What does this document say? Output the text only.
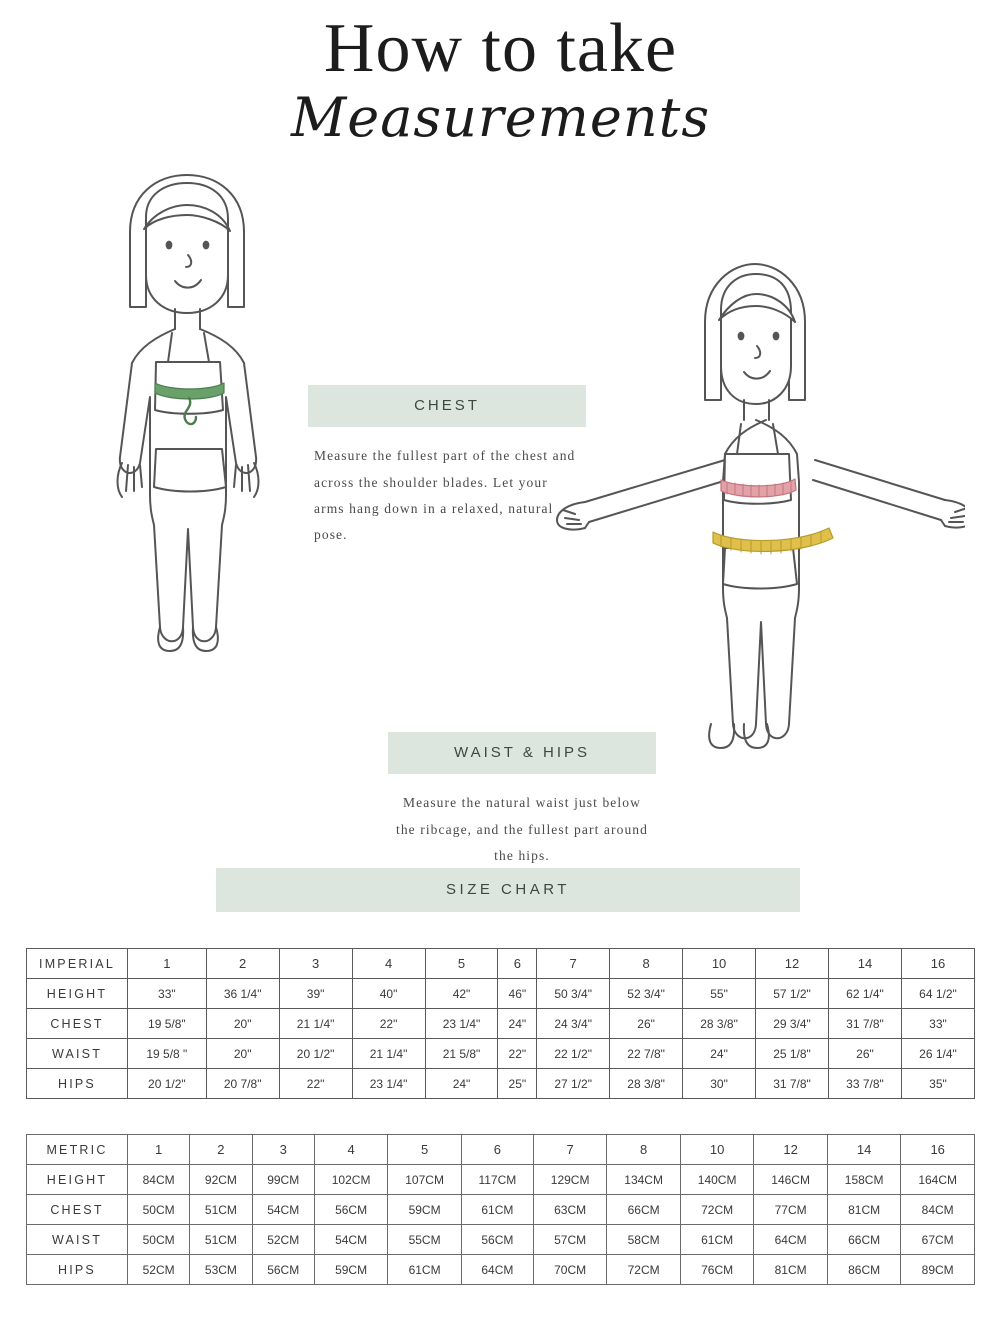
How to take
Measurements
CHEST
Measure the fullest part of the chest and across the shoulder blades. Let your arms hang down in a relaxed, natural pose.
WAIST & HIPS
Measure the natural waist just below the ribcage, and the fullest part around the hips.
SIZE CHART
IMPERIAL	1	2	3	4	5	6	7	8	10	12	14	16
HEIGHT	33"	36 1/4"	39"	40"	42"	46"	50 3/4"	52 3/4"	55"	57 1/2"	62 1/4"	64 1/2"
CHEST	19 5/8"	20"	21 1/4"	22"	23 1/4"	24"	24 3/4"	26"	28 3/8"	29 3/4"	31 7/8"	33"
WAIST	19 5/8 "	20"	20 1/2"	21 1/4"	21 5/8"	22"	22 1/2"	22 7/8"	24"	25 1/8"	26"	26 1/4"
HIPS	20 1/2"	20 7/8"	22"	23 1/4"	24"	25"	27 1/2"	28 3/8"	30"	31 7/8"	33 7/8"	35"
METRIC	1	2	3	4	5	6	7	8	10	12	14	16
HEIGHT	84CM	92CM	99CM	102CM	107CM	117CM	129CM	134CM	140CM	146CM	158CM	164CM
CHEST	50CM	51CM	54CM	56CM	59CM	61CM	63CM	66CM	72CM	77CM	81CM	84CM
WAIST	50CM	51CM	52CM	54CM	55CM	56CM	57CM	58CM	61CM	64CM	66CM	67CM
HIPS	52CM	53CM	56CM	59CM	61CM	64CM	70CM	72CM	76CM	81CM	86CM	89CM
